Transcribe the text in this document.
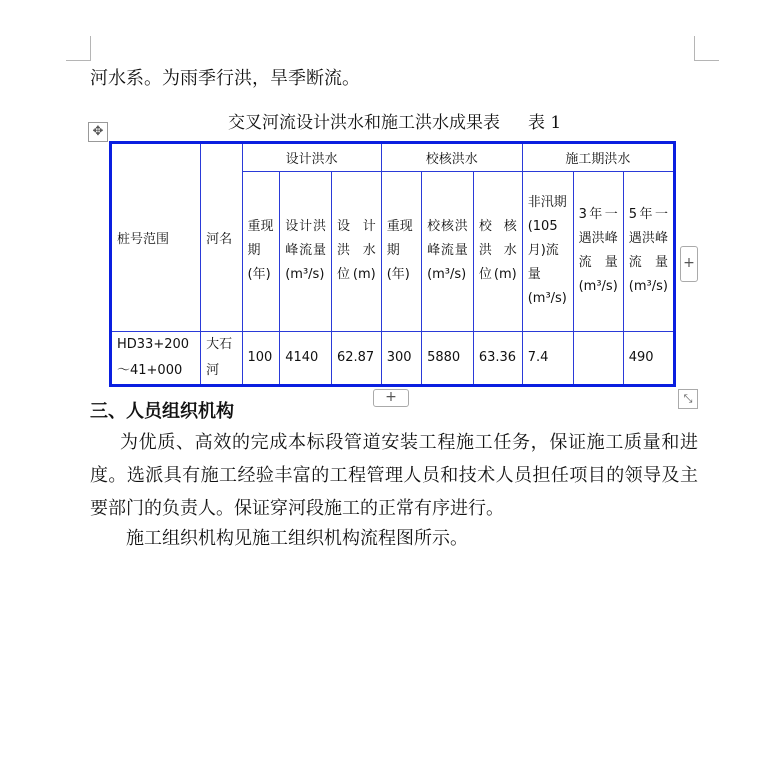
河水系。为雨季行洪，旱季断流。
交叉河流设计洪水和施工洪水成果表 表 1
✥
桩号范围	河名	设计洪水			校核洪水			施工期洪水		
		重现期(年)	设计洪峰流量(m³/s)	设计洪水位(m)	重现期(年)	校核洪峰流量(m³/s)	校核洪水位(m)	非汛期(105月)流量(m³/s)	3年一遇洪峰流量(m³/s)	5年一遇洪峰流量(m³/s)
HD33+200～41+000	大石河	100	4140	62.87	300	5880	63.36	7.4		490
+
+	⤡
三、人员组织机构
为优质、高效的完成本标段管道安装工程施工任务，保证施工质量和进度。选派具有施工经验丰富的工程管理人员和技术人员担任项目的领导及主要部门的负责人。保证穿河段施工的正常有序进行。
施工组织机构见施工组织机构流程图所示。
